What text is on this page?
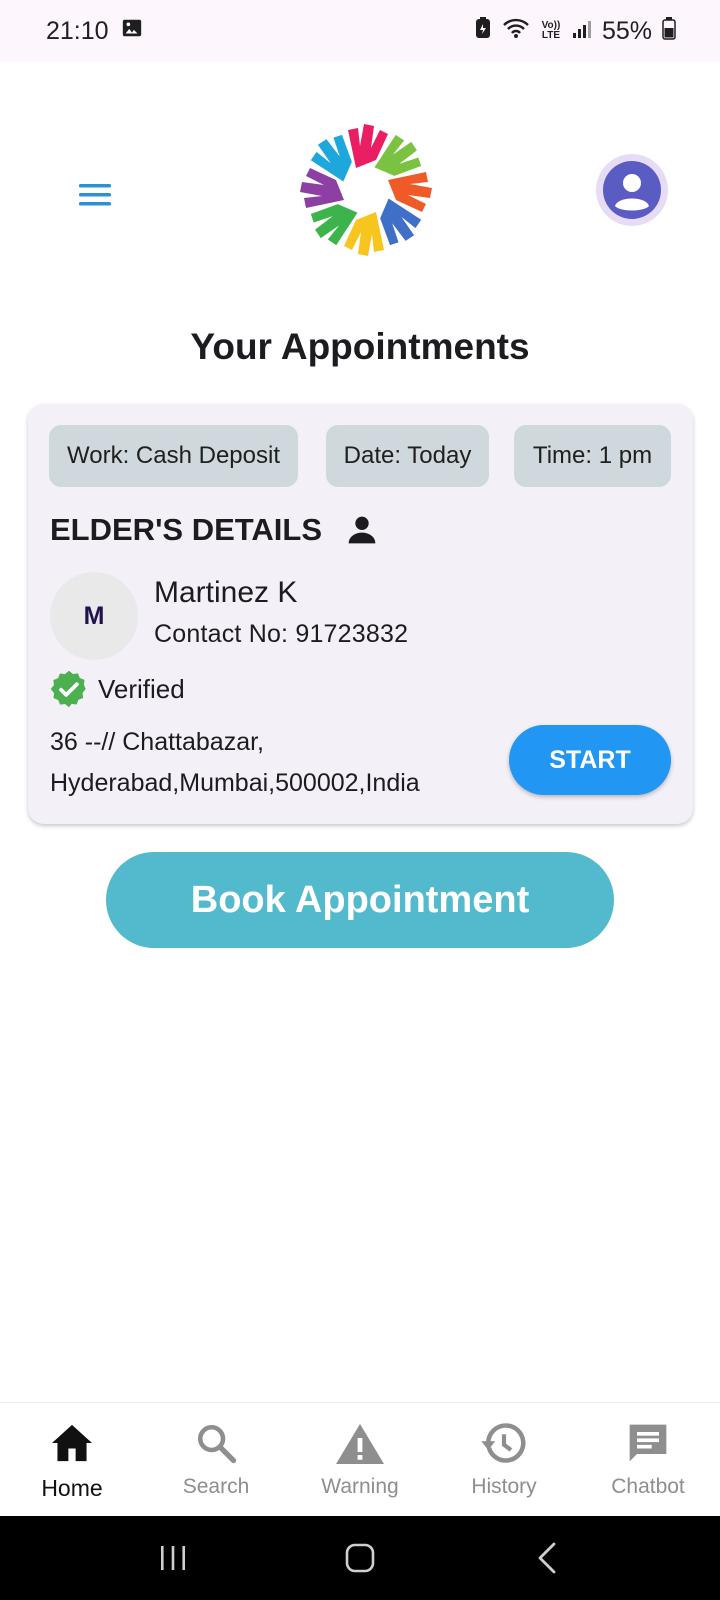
21:10	Vo)) LTE 55%
Your Appointments
Work: Cash Deposit	Date: Today	Time: 1 pm
ELDER'S DETAILS
M
Martinez K
Contact No: 91723832
Verified
36 --// Chattabazar,
Hyderabad,Mumbai,500002,India
START
Book Appointment
Home	Search	Warning	History	Chatbot
